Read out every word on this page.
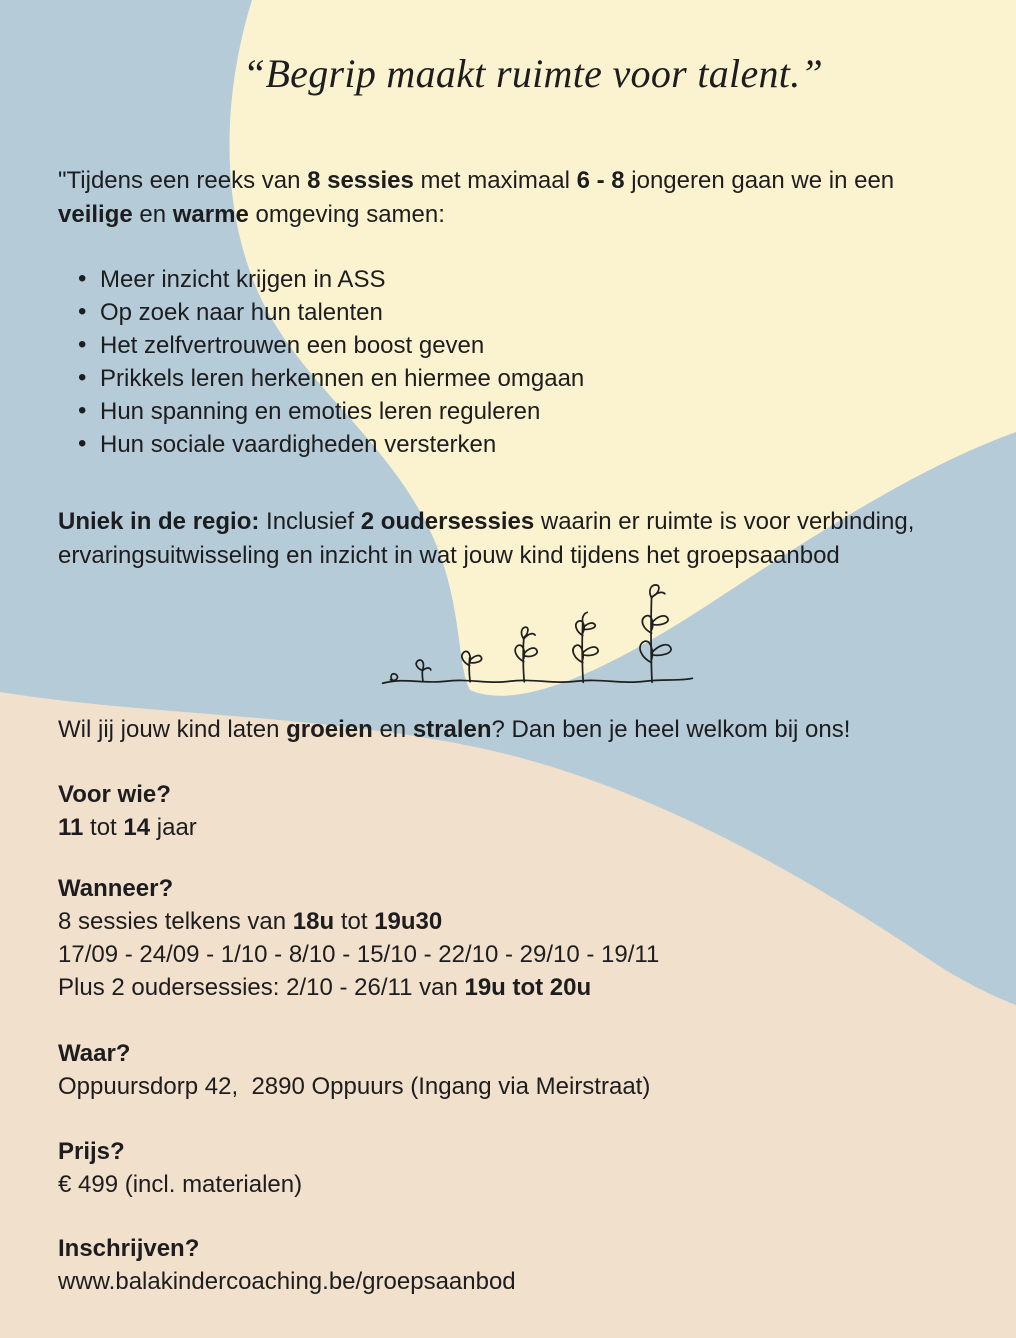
“Begrip maakt ruimte voor talent.”

"Tijdens een reeks van 8 sessies met maximaal 6 - 8 jongeren gaan we in een
veilige en warme omgeving samen:

• Meer inzicht krijgen in ASS
• Op zoek naar hun talenten
• Het zelfvertrouwen een boost geven
• Prikkels leren herkennen en hiermee omgaan
• Hun spanning en emoties leren reguleren
• Hun sociale vaardigheden versterken

Uniek in de regio: Inclusief 2 oudersessies waarin er ruimte is voor verbinding,
ervaringsuitwisseling en inzicht in wat jouw kind tijdens het groepsaanbod

Wil jij jouw kind laten groeien en stralen? Dan ben je heel welkom bij ons!

Voor wie?

11 tot 14 jaar

Wanneer?

8 sessies telkens van 18u tot 19u30
17/09 - 24/09 - 1/10 - 8/10 - 15/10 - 22/10 - 29/10 - 19/11
Plus 2 oudersessies: 2/10 - 26/11 van 19u tot 20u

Waar?

Oppuursdorp 42,  2890 Oppuurs (Ingang via Meirstraat)

Prijs?

€ 499 (incl. materialen)

Inschrijven?

www.balakindercoaching.be/groepsaanbod
